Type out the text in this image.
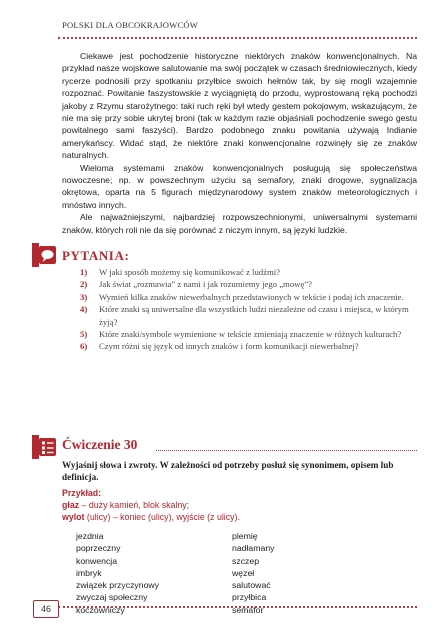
POLSKI DLA OBCOKRAJOWCÓW

Ciekawe jest pochodzenie historyczne niektórych znaków konwencjonalnych. Na przykład nasze wojskowe salutowanie ma swój początek w czasach średniowiecznych, kiedy rycerze podnosili przy spotkaniu przyłbice swoich hełmów tak, by się mogli wzajemnie rozpoznać. Powitanie faszystowskie z wyciągniętą do przodu, wyprostowaną ręką pochodzi jakoby z Rzymu starożytnego: taki ruch ręki był wtedy gestem pokojowym, wskazującym, że nie ma się przy sobie ukrytej broni (tak w każdym razie objaśniali pochodzenie swego gestu powitalnego sami faszyści). Bardzo podobnego znaku powitania używają Indianie amerykańscy. Widać stąd, że niektóre znaki konwencjonalne rozwinęły się ze znaków naturalnych.

Wieloma systemami znaków konwencjonalnych posługują się społeczeństwa nowoczesne; np. w powszechnym użyciu są semafory, znaki drogowe, sygnalizacja okrętowa, oparta na 5 figurach międzynarodowy system znaków meteorologicznych i mnóstwo innych.

Ale najważniejszymi, najbardziej rozpowszechnionymi, uniwersalnymi systemami znaków, których roli nie da się porównać z niczym innym, są języki ludzkie.

PYTANIA:
1) W jaki sposób możemy się komunikować z ludźmi?
2) Jak świat „rozmawia” z nami i jak rozumiemy jego „mowę”?
3) Wymień kilka znaków niewerbalnych przedstawionych w tekście i podaj ich znaczenie.
4) Które znaki są uniwersalne dla wszystkich ludzi niezależne od czasu i miejsca, w którym żyją?
5) Które znaki/symbole wymienione w tekście zmieniają znaczenie w różnych kulturach?
6) Czym różni się język od innych znaków i form komunikacji niewerbalnej?
Ćwiczenie 30

Wyjaśnij słowa i zwroty. W zależności od potrzeby posłuż się synonimem, opisem lub definicja.

Przykład:
głaz – duży kamień, blok skalny;
wylot (ulicy) – koniec (ulicy), wyjście (z ulicy).
jezdnia
poprzeczny
konwencja
imbryk
związek przyczynowy
zwyczaj społeczny
koczowniczy
plemię
nadłamany
szczep
węzeł
salutować
przyłbica
semafor
46
